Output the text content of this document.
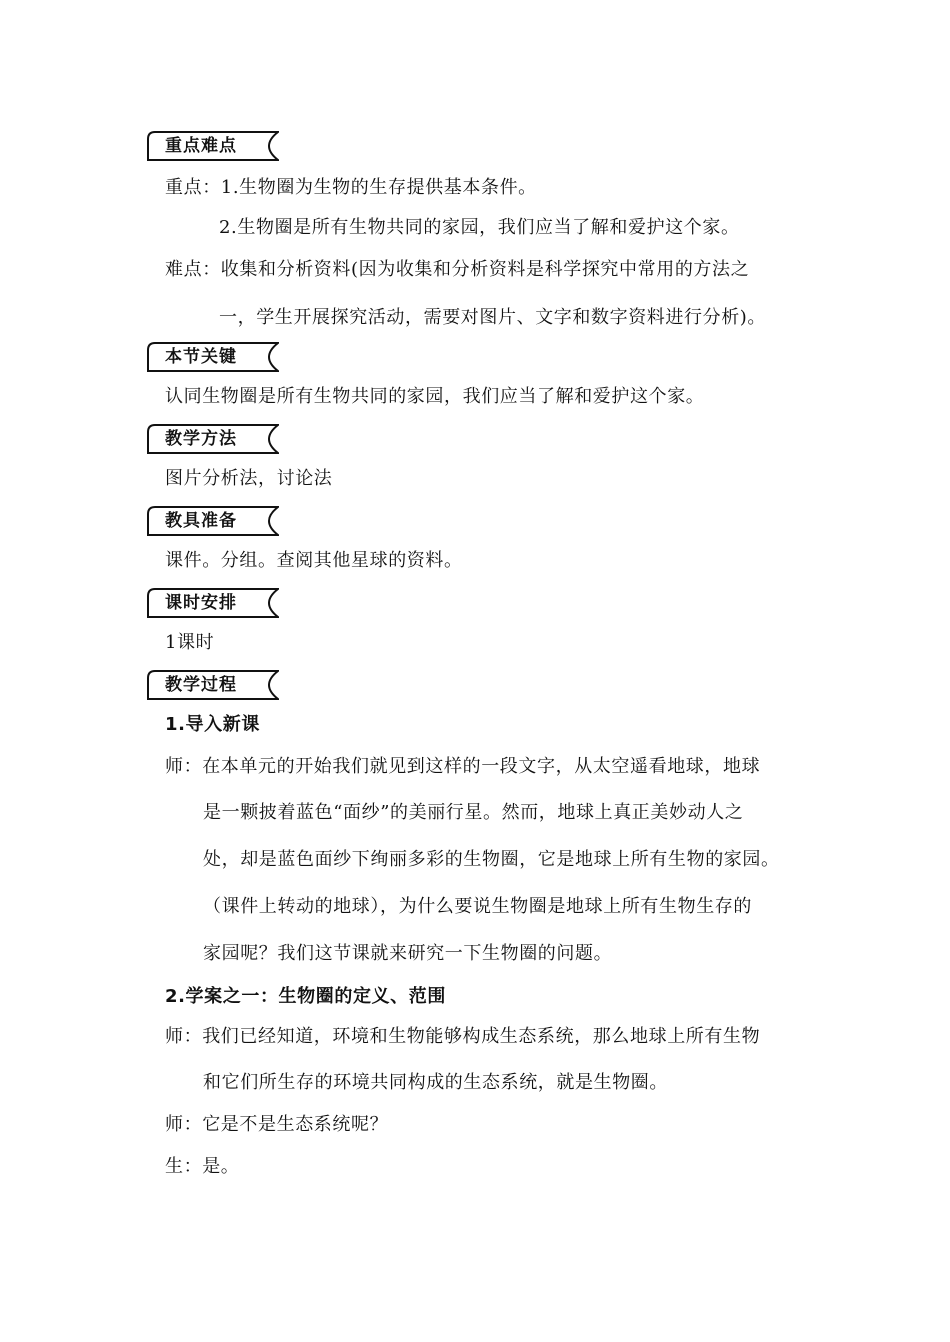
重点难点
重点：1.生物圈为生物的生存提供基本条件。
2.生物圈是所有生物共同的家园，我们应当了解和爱护这个家。
难点：收集和分析资料(因为收集和分析资料是科学探究中常用的方法之
一，学生开展探究活动，需要对图片、文字和数字资料进行分析)。
本节关键
认同生物圈是所有生物共同的家园，我们应当了解和爱护这个家。
教学方法
图片分析法，讨论法
教具准备
课件。分组。查阅其他星球的资料。
课时安排
1课时
教学过程
1.导入新课
师：在本单元的开始我们就见到这样的一段文字，从太空遥看地球，地球
是一颗披着蓝色“面纱”的美丽行星。然而，地球上真正美妙动人之
处，却是蓝色面纱下绚丽多彩的生物圈，它是地球上所有生物的家园。
（课件上转动的地球），为什么要说生物圈是地球上所有生物生存的
家园呢？我们这节课就来研究一下生物圈的问题。
2.学案之一：生物圈的定义、范围
师：我们已经知道，环境和生物能够构成生态系统，那么地球上所有生物
和它们所生存的环境共同构成的生态系统，就是生物圈。
师：它是不是生态系统呢？
生：是。
